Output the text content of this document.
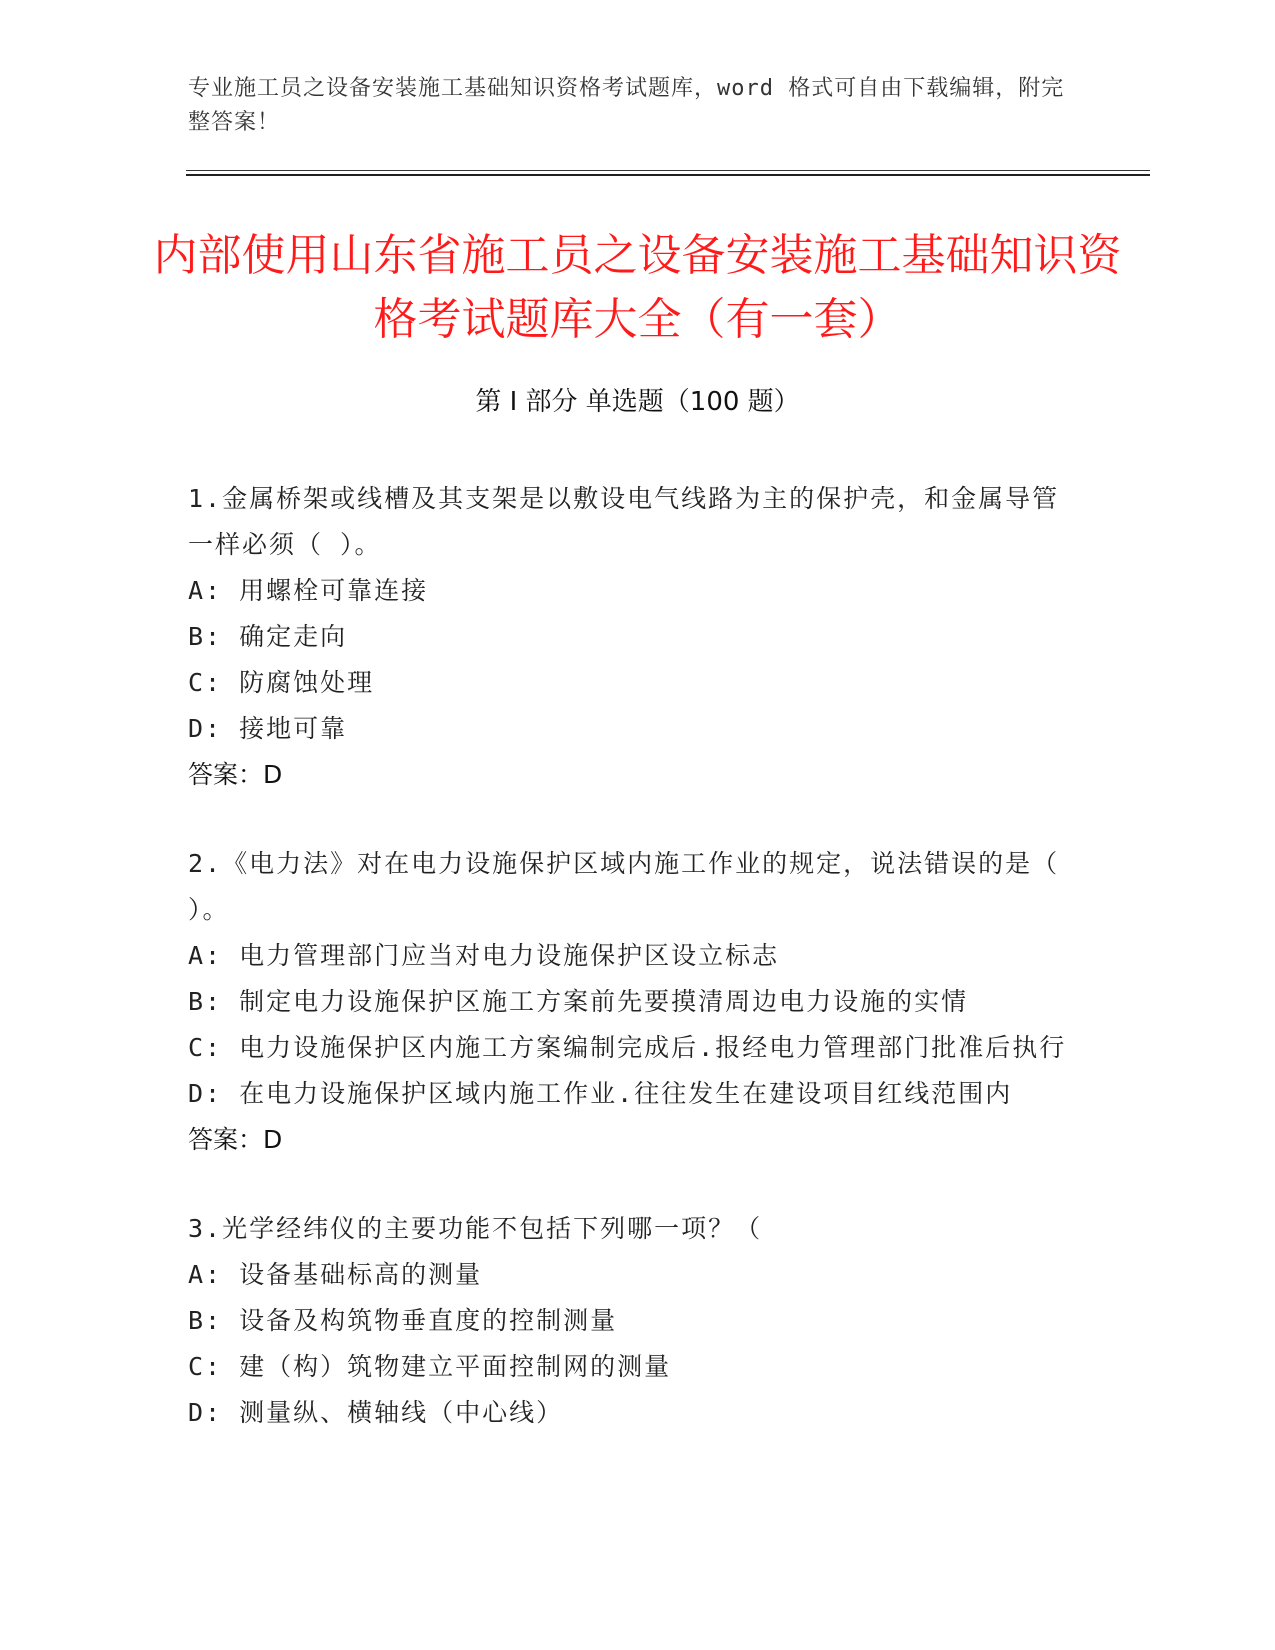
专业施工员之设备安装施工基础知识资格考试题库，word 格式可自由下载编辑，附完整答案！
内部使用山东省施工员之设备安装施工基础知识资格考试题库大全（有一套）
第 I 部分 单选题（100 题）

1.金属桥架或线槽及其支架是以敷设电气线路为主的保护壳，和金属导管一样必须（ ）。

A: 用螺栓可靠连接

B: 确定走向

C: 防腐蚀处理

D: 接地可靠

答案：D

2.《电力法》对在电力设施保护区域内施工作业的规定，说法错误的是（ ）。

A: 电力管理部门应当对电力设施保护区设立标志

B: 制定电力设施保护区施工方案前先要摸清周边电力设施的实情

C: 电力设施保护区内施工方案编制完成后.报经电力管理部门批准后执行

D: 在电力设施保护区域内施工作业.往往发生在建设项目红线范围内

答案：D

3.光学经纬仪的主要功能不包括下列哪一项？（

A: 设备基础标高的测量

B: 设备及构筑物垂直度的控制测量

C: 建（构）筑物建立平面控制网的测量

D: 测量纵、横轴线（中心线）
